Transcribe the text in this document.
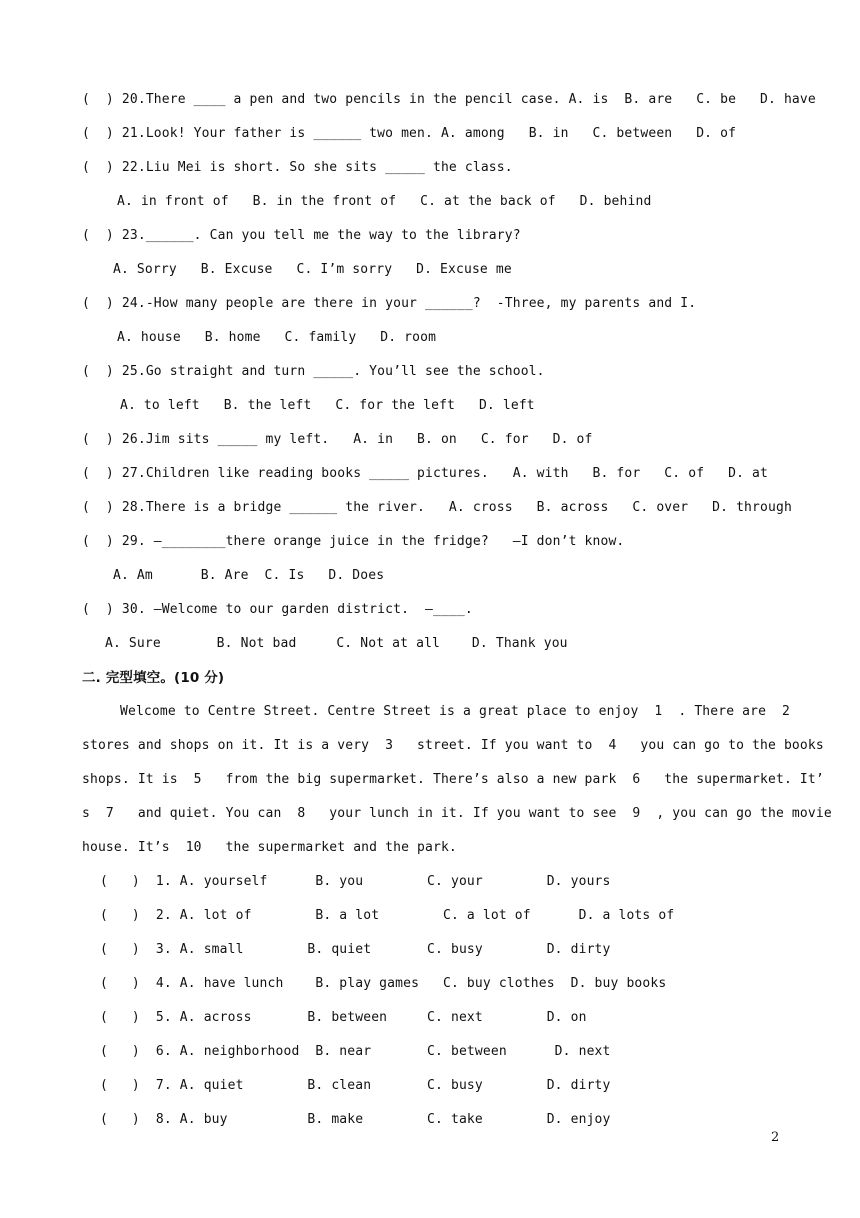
(  ) 20.There ____ a pen and two pencils in the pencil case. A. is  B. are   C. be   D. have
(  ) 21.Look! Your father is ______ two men. A. among   B. in   C. between   D. of
(  ) 22.Liu Mei is short. So she sits _____ the class.
A. in front of   B. in the front of   C. at the back of   D. behind
(  ) 23.______. Can you tell me the way to the library?
A. Sorry   B. Excuse   C. I’m sorry   D. Excuse me
(  ) 24.-How many people are there in your ______?  -Three, my parents and I.
A. house   B. home   C. family   D. room
(  ) 25.Go straight and turn _____. You’ll see the school.
A. to left   B. the left   C. for the left   D. left
(  ) 26.Jim sits _____ my left.   A. in   B. on   C. for   D. of
(  ) 27.Children like reading books _____ pictures.   A. with   B. for   C. of   D. at
(  ) 28.There is a bridge ______ the river.   A. cross   B. across   C. over   D. through
(  ) 29. —________there orange juice in the fridge?   —I don’t know.
A. Am      B. Are  C. Is   D. Does
(  ) 30. —Welcome to our garden district.  —____.
A. Sure       B. Not bad     C. Not at all    D. Thank you
二. 完型填空。(10 分)
Welcome to Centre Street. Centre Street is a great place to enjoy  1  . There are  2
stores and shops on it. It is a very  3   street. If you want to  4   you can go to the books
shops. It is  5   from the big supermarket. There’s also a new park  6   the supermarket. It’
s  7   and quiet. You can  8   your lunch in it. If you want to see  9  , you can go the movie
house. It’s  10   the supermarket and the park.
(   )  1. A. yourself      B. you        C. your        D. yours
(   )  2. A. lot of        B. a lot        C. a lot of      D. a lots of
(   )  3. A. small        B. quiet       C. busy        D. dirty
(   )  4. A. have lunch    B. play games   C. buy clothes  D. buy books
(   )  5. A. across       B. between     C. next        D. on
(   )  6. A. neighborhood  B. near       C. between      D. next
(   )  7. A. quiet        B. clean       C. busy        D. dirty
(   )  8. A. buy          B. make        C. take        D. enjoy
2
